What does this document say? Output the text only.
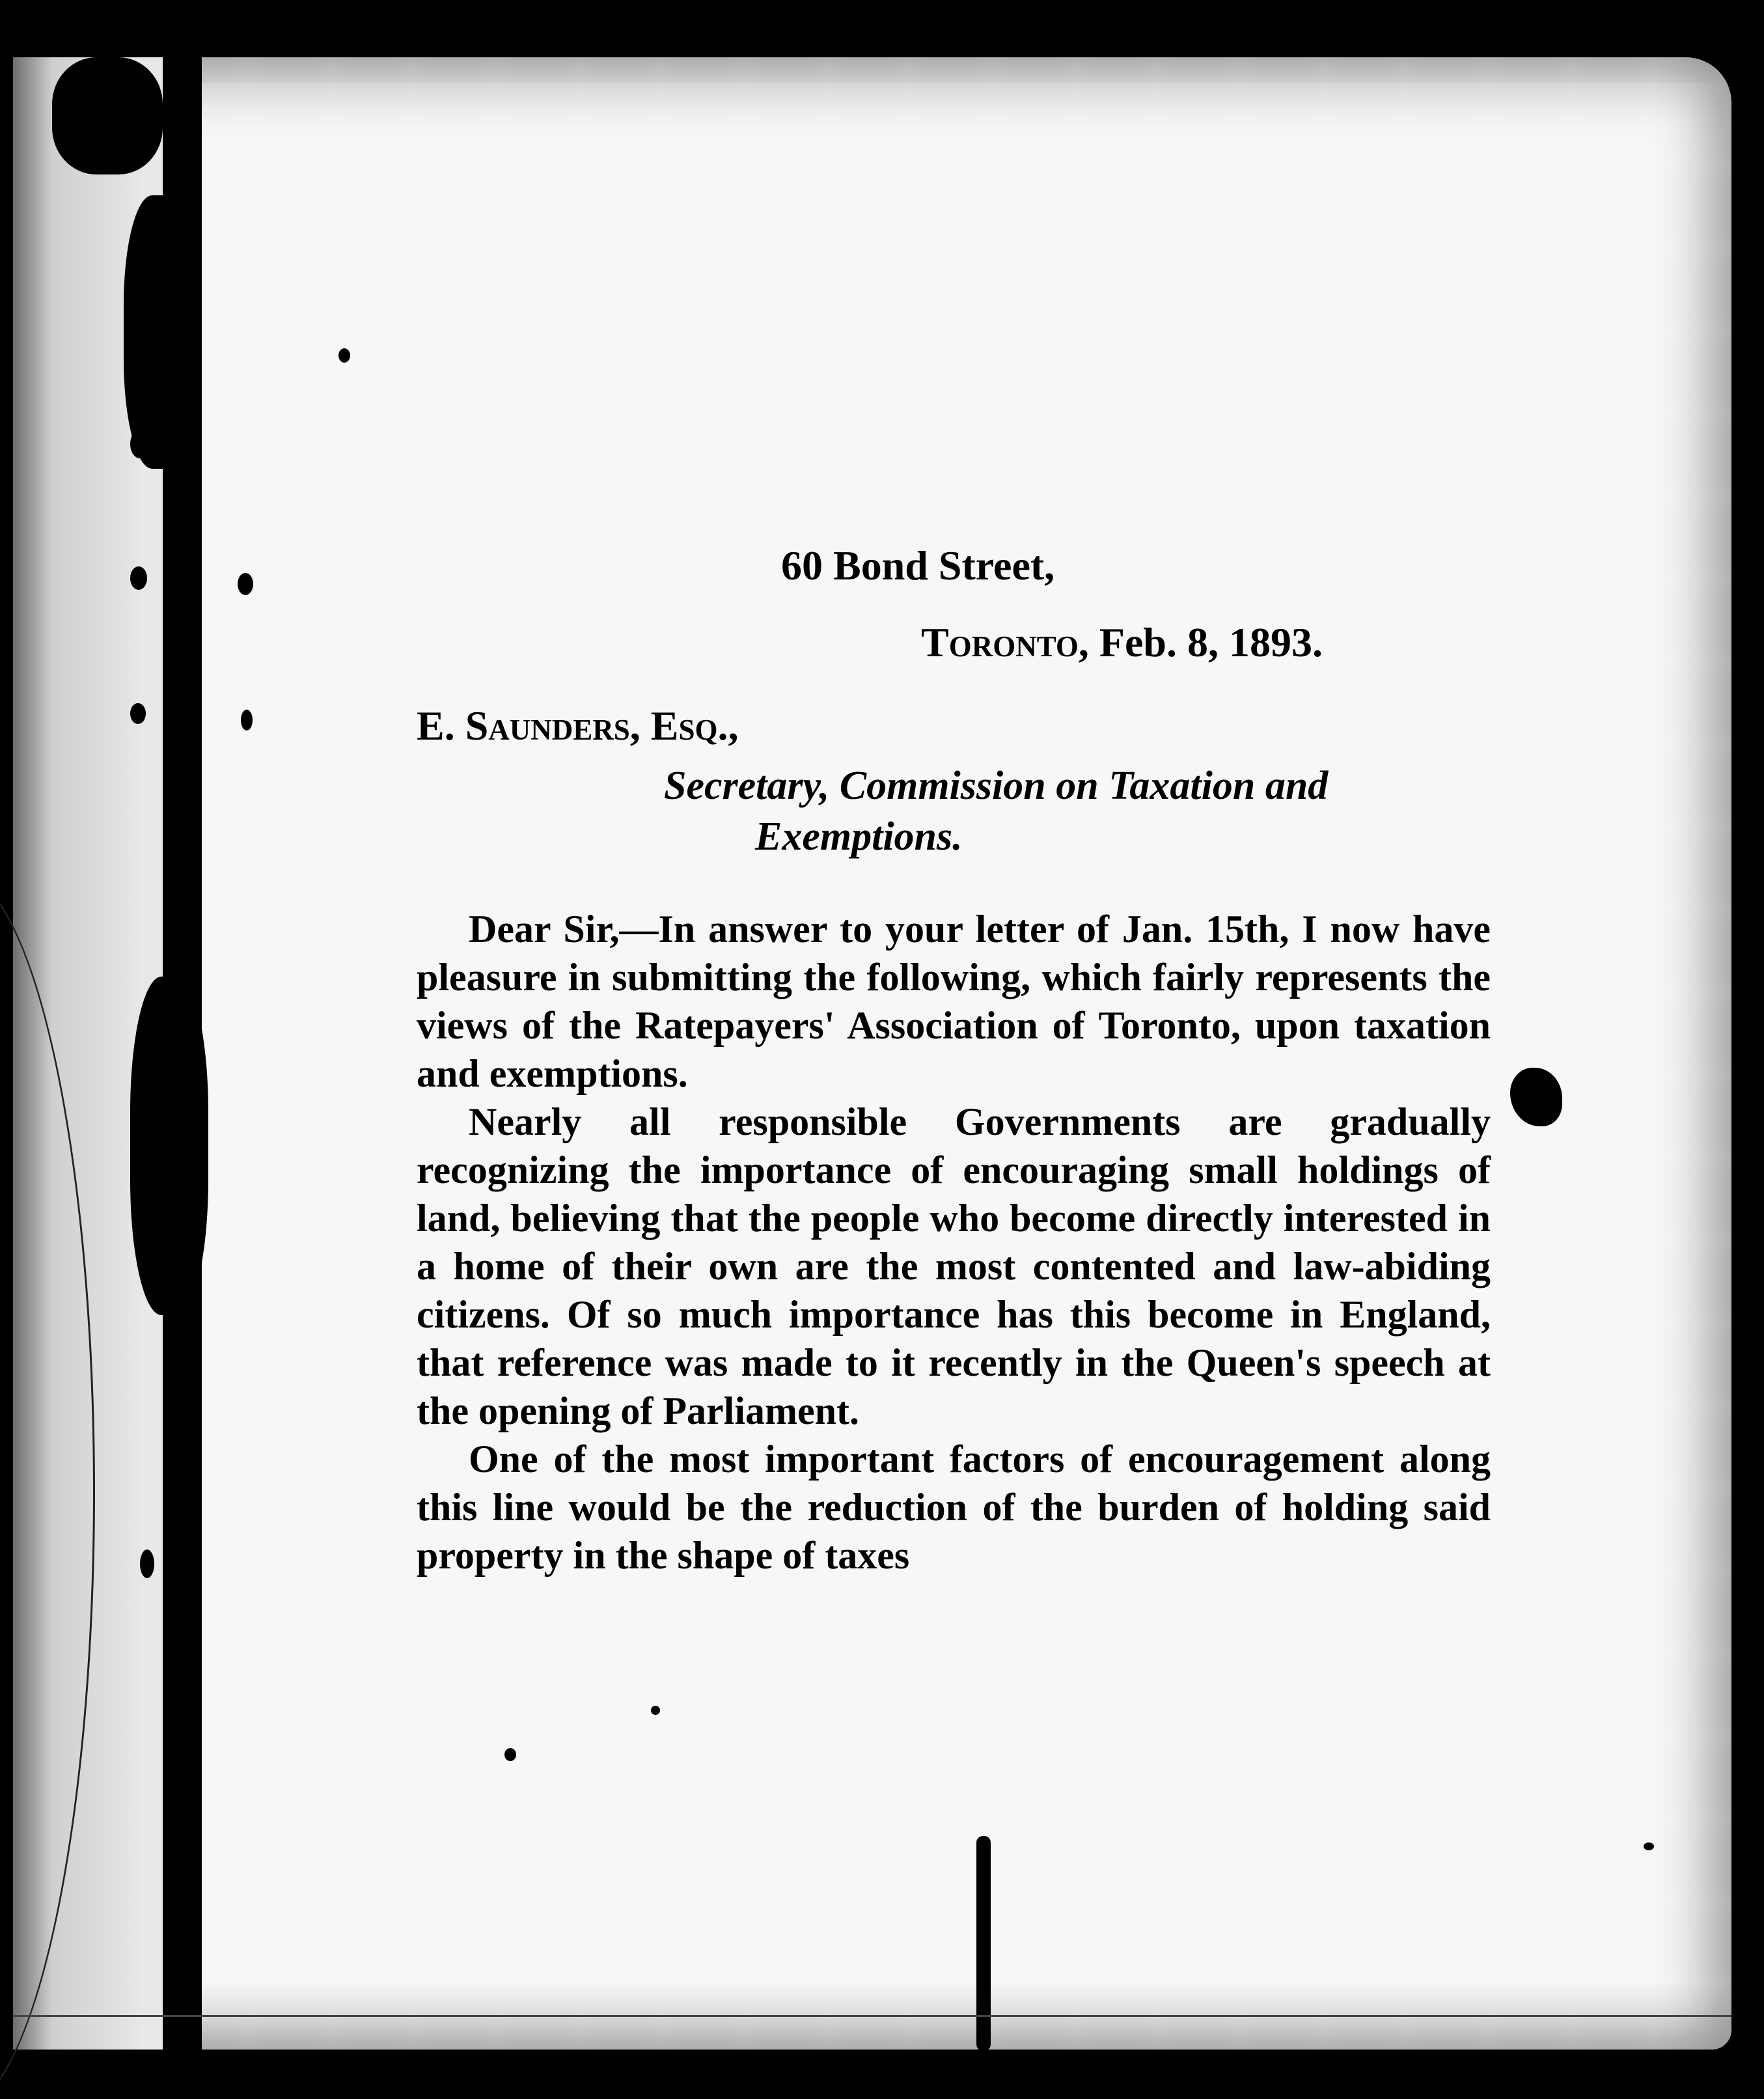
60 Bond Street,
Toronto, Feb. 8, 1893.
E. Saunders, Esq.,
Secretary, Commission on Taxation and
Exemptions.

Dear Sir,—In answer to your letter of Jan. 15th, I now have pleasure in submitting the following, which fairly represents the views of the Ratepayers' Association of Toronto, upon taxation and exemptions.

Nearly all responsible Governments are gradually recognizing the importance of encouraging small holdings of land, believing that the people who become directly interested in a home of their own are the most contented and law-abiding citizens. Of so much importance has this become in England, that reference was made to it recently in the Queen's speech at the opening of Parliament.

One of the most important factors of encouragement along this line would be the reduction of the burden of holding said property in the shape of taxes
